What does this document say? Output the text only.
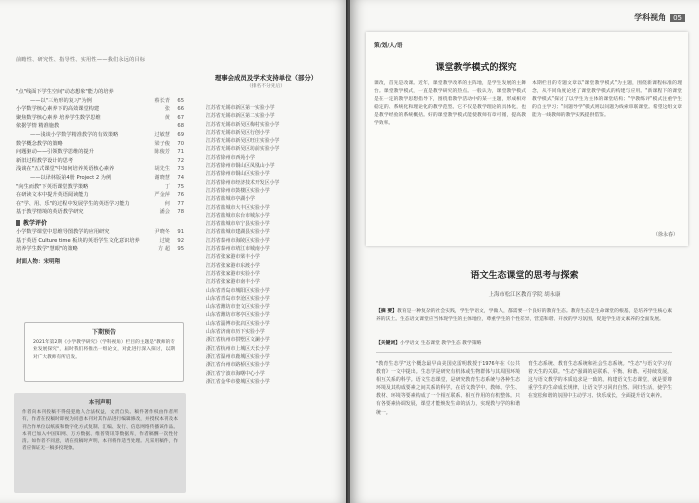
前瞻性、研究性、指导性、实用性——我们永远的目标
"点"线面下学生空间"动态想象"能力的培养
——以"三角形的复习"为例	蔡长青	65
小学数学核心素养下的高效课堂构建	张	66
聚焦数学核心素养 培养学生数学思维	黄	67
依据学情 精准施教	68
——浅谈小学数学精准教学的有效策略	过敏慧	69
数学概念教学的策略	梁子俊	70
问题驱动——引领数学思维的提升	陈俊芳	71
新旧过程教学设计的思考	72
浅谈在"五式课堂"中如何培养英语核心素养	胡先生	73
——以译林版第4册 Project 2 为例	谢晓慧	74
"向生而教"下英语课堂教学策略	丁	75
在研读文本中提升英语阅读能力	严金萍	76
在"学、用、乐"的过程中发展学生的英语学习能力	何	77
基于教学情境的英语教学研究	潘会	78
教学评价
小学数学课堂中思维导图教学的应用研究	尹晓冬	91
基于英语 Culture time 板块的英语学生文化意识培养	过婕	92
培养学生数学"慧眼"的策略	方 超	95
封面人物：宋明翔
理事会成员及学术支持单位（部分）
（排名不分先后）
江苏省无锡市新区第一实验小学
江苏省无锡市新区第二实验小学
江苏省无锡市新吴区梅村实验小学
江苏省无锡市新吴区行创小学
江苏省无锡市新吴区旺庄实验小学
江苏省无锡市新吴区坊前实验小学
江苏省徐州市西苑小学
江苏省徐州市铜山区凤凰山小学
江苏省徐州市铜山区实验小学
江苏省徐州市经济技术开发区小学
江苏省徐州市鼓楼区实验小学
江苏省盐城市亭湖小学
江苏省盐城市大丰区实验小学
江苏省盐城市东台市城东小学
江苏省盐城市阜宁县实验小学
江苏省盐城市建湖县实验小学
江苏省泰州市海陵区实验小学
江苏省泰州市靖江市城南小学
江苏省张家港市梁丰小学
江苏省张家港市东渡小学
江苏省张家港市实验小学
江苏省张家港市南丰小学
山东省青岛市城阳区实验小学
山东省青岛市李沧区实验小学
山东省潍坊市奎文区实验小学
山东省潍坊市寒亭区实验小学
山东省淄博市张店区实验小学
山东省济南市历下实验小学
浙江省杭州市拱墅区文澜小学
浙江省杭州市上城区天长小学
浙江省温州市鹿城区实验小学
浙江省台州市路桥区实验小学
浙江省宁波市海曙中心小学
浙江省金华市婺城区实验小学
下期预告
2021年第2期《小学教学研究》（学科视角）栏目的主题是"教师的专业发展探究"，届时我们将推出一组论文，对此进行深入探讨，以期对广大教师有所启发。
本刊声明
作者向本刊投稿不得侵犯他人合法权益，文责自负。稿件著作权由作者所有，作者在投稿时即视为同意本刊对其作品进行编辑修改，并授权本刊及本刊合作单位以纸质和数字化方式复制、汇编、发行、信息网络传播该作品。本刊已加入中国知网、万方数据、维普资讯等数据库，作者稿酬一次性付清。如作者不同意，请在投稿时声明，本刊将作适当处理。凡采用稿件，作者应保证无一稿多投现象。
学科视角	05
策/划/人/语
课堂教学模式的探究
课改，首先是改课。近年，课堂教学改革的主阵地，是学生发展的主舞台。课堂教学模式，一直是教学研究的热点。一般认为，课堂教学模式是在一定的教学思想指导下，围绕着教学活动中的某一主题，形成相对稳定的、系统化和理论化的教学范型。它不仅是教学理论的具体化，也是教学经验的系统概括。好的课堂教学模式能使教师有章可循，提高教学效率。
本期栏目的专题文章以"课堂教学模式"为主题，围绕新课程标准的理念，从不同角度论述了课堂教学模式的构建与应用。"新课程下的课堂教学模式"探讨了以学生为主体的课堂结构；"学教练评"模式注重学生的自主学习；"问题导学"模式则以问题为线索串联课堂。希望这组文章能为一线教师的教学实践提供借鉴。
（徐永春）
语文生态课堂的思考与探索
上海市松江区教育学院 胡永康
【摘 要】教育是一种复杂的社会实践，学生学语文，学做人，都需要一个良好的教育生态。教育生态是生命课堂的根基，是培养学生核心素养的沃土。生态语文课堂应当体现学生的主体地位，尊重学生的个性差异，营造和谐、开放的学习氛围，促进学生语文素养的全面发展。
【关键词】小学语文 生态课堂 教学生态 教学策略
"教育生态学"这个概念最早由美国克雷明教授于1976年在《公共教育》一文中提出。生态学是研究有机体或生物群体与其周围环境相互关系的科学。语文生态课堂，是研究教育生态系统与各种生态环境及其构成要素之间关系的科学。在语文教学中，教师、学生、教材、环境等要素构成了一个相互联系、相互作用的有机整体。只有各要素协调发展，课堂才能焕发生命的活力，实现教与学的和谐统一。
育生态系统、教育生态系统和社会生态系统。"生态"与语文学习有着天生的关联。"生态"强调的是联系、平衡、和谐、可持续发展，这与语文教学的本质追求是一致的。构建语文生态课堂，就是要尊重学生的生命成长规律，让语文学习回归自然、回归生活，使学生在宽松和谐的氛围中主动学习、快乐成长，全面提升语文素养。
